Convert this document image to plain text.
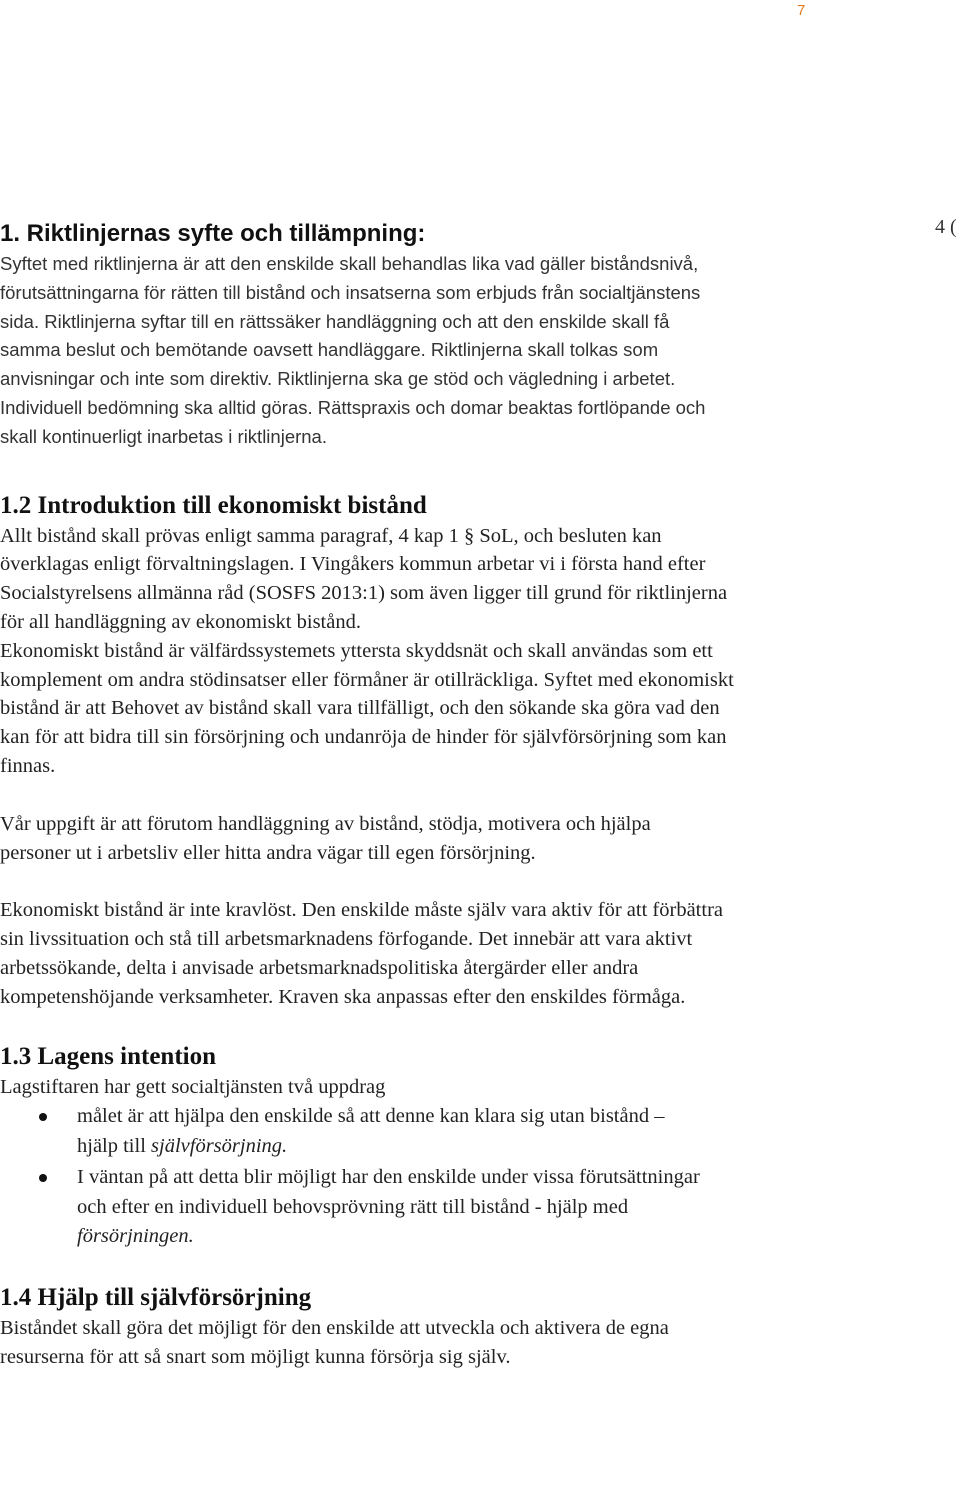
7
4 (
1. Riktlinjernas syfte och tillämpning:

Syftet med riktlinjerna är att den enskilde skall behandlas lika vad gäller biståndsnivå, förutsättningarna för rätten till bistånd och insatserna som erbjuds från socialtjänstens sida. Riktlinjerna syftar till en rättssäker handläggning och att den enskilde skall få samma beslut och bemötande oavsett handläggare. Riktlinjerna skall tolkas som anvisningar och inte som direktiv. Riktlinjerna ska ge stöd och vägledning i arbetet. Individuell bedömning ska alltid göras. Rättspraxis och domar beaktas fortlöpande och skall kontinuerligt inarbetas i riktlinjerna.

1.2 Introduktion till ekonomiskt bistånd

Allt bistånd skall prövas enligt samma paragraf, 4 kap 1 § SoL, och besluten kan överklagas enligt förvaltningslagen. I Vingåkers kommun arbetar vi i första hand efter Socialstyrelsens allmänna råd (SOSFS 2013:1) som även ligger till grund för riktlinjerna för all handläggning av ekonomiskt bistånd.

Ekonomiskt bistånd är välfärdssystemets yttersta skyddsnät och skall användas som ett komplement om andra stödinsatser eller förmåner är otillräckliga. Syftet med ekonomiskt bistånd är att Behovet av bistånd skall vara tillfälligt, och den sökande ska göra vad den kan för att bidra till sin försörjning och undanröja de hinder för självförsörjning som kan finnas.

Vår uppgift är att förutom handläggning av bistånd, stödja, motivera och hjälpa personer ut i arbetsliv eller hitta andra vägar till egen försörjning.

Ekonomiskt bistånd är inte kravlöst. Den enskilde måste själv vara aktiv för att förbättra sin livssituation och stå till arbetsmarknadens förfogande. Det innebär att vara aktivt arbetssökande, delta i anvisade arbetsmarknadspolitiska återgärder eller andra kompetenshöjande verksamheter. Kraven ska anpassas efter den enskildes förmåga.

1.3 Lagens intention

Lagstiftaren har gett socialtjänsten två uppdrag

målet är att hjälpa den enskilde så att denne kan klara sig utan bistånd – hjälp till självförsörjning.
I väntan på att detta blir möjligt har den enskilde under vissa förutsättningar och efter en individuell behovsprövning rätt till bistånd - hjälp med försörjningen.
1.4 Hjälp till självförsörjning

Biståndet skall göra det möjligt för den enskilde att utveckla och aktivera de egna resurserna för att så snart som möjligt kunna försörja sig själv.
